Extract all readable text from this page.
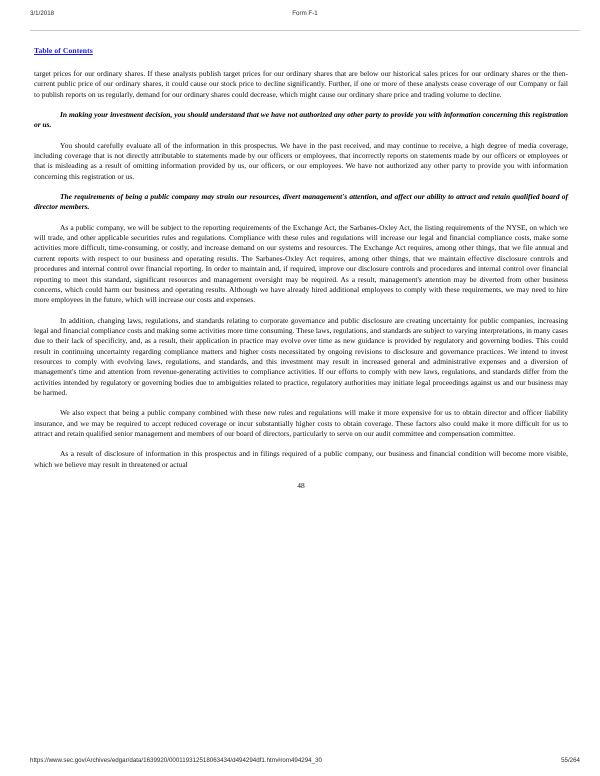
3/1/2018	Form F-1
Table of Contents

target prices for our ordinary shares. If these analysts publish target prices for our ordinary shares that are below our historical sales prices for our ordinary shares or the then-current public price of our ordinary shares, it could cause our stock price to decline significantly. Further, if one or more of these analysts cease coverage of our Company or fail to publish reports on us regularly, demand for our ordinary shares could decrease, which might cause our ordinary share price and trading volume to decline.

In making your investment decision, you should understand that we have not authorized any other party to provide you with information concerning this registration or us.

You should carefully evaluate all of the information in this prospectus. We have in the past received, and may continue to receive, a high degree of media coverage, including coverage that is not directly attributable to statements made by our officers or employees, that incorrectly reports on statements made by our officers or employees or that is misleading as a result of omitting information provided by us, our officers, or our employees. We have not authorized any other party to provide you with information concerning this registration or us.

The requirements of being a public company may strain our resources, divert management's attention, and affect our ability to attract and retain qualified board of director members.

As a public company, we will be subject to the reporting requirements of the Exchange Act, the Sarbanes-Oxley Act, the listing requirements of the NYSE, on which we will trade, and other applicable securities rules and regulations. Compliance with these rules and regulations will increase our legal and financial compliance costs, make some activities more difficult, time-consuming, or costly, and increase demand on our systems and resources. The Exchange Act requires, among other things, that we file annual and current reports with respect to our business and operating results. The Sarbanes-Oxley Act requires, among other things, that we maintain effective disclosure controls and procedures and internal control over financial reporting. In order to maintain and, if required, improve our disclosure controls and procedures and internal control over financial reporting to meet this standard, significant resources and management oversight may be required. As a result, management's attention may be diverted from other business concerns, which could harm our business and operating results. Although we have already hired additional employees to comply with these requirements, we may need to hire more employees in the future, which will increase our costs and expenses.

In addition, changing laws, regulations, and standards relating to corporate governance and public disclosure are creating uncertainty for public companies, increasing legal and financial compliance costs and making some activities more time consuming. These laws, regulations, and standards are subject to varying interpretations, in many cases due to their lack of specificity, and, as a result, their application in practice may evolve over time as new guidance is provided by regulatory and governing bodies. This could result in continuing uncertainty regarding compliance matters and higher costs necessitated by ongoing revisions to disclosure and governance practices. We intend to invest resources to comply with evolving laws, regulations, and standards, and this investment may result in increased general and administrative expenses and a diversion of management's time and attention from revenue-generating activities to compliance activities. If our efforts to comply with new laws, regulations, and standards differ from the activities intended by regulatory or governing bodies due to ambiguities related to practice, regulatory authorities may initiate legal proceedings against us and our business may be harmed.

We also expect that being a public company combined with these new rules and regulations will make it more expensive for us to obtain director and officer liability insurance, and we may be required to accept reduced coverage or incur substantially higher costs to obtain coverage. These factors also could make it more difficult for us to attract and retain qualified senior management and members of our board of directors, particularly to serve on our audit committee and compensation committee.

As a result of disclosure of information in this prospectus and in filings required of a public company, our business and financial condition will become more visible, which we believe may result in threatened or actual

48
https://www.sec.gov/Archives/edgar/data/1639920/000119312518063434/d494294df1.htm#rom494294_30	55/264
